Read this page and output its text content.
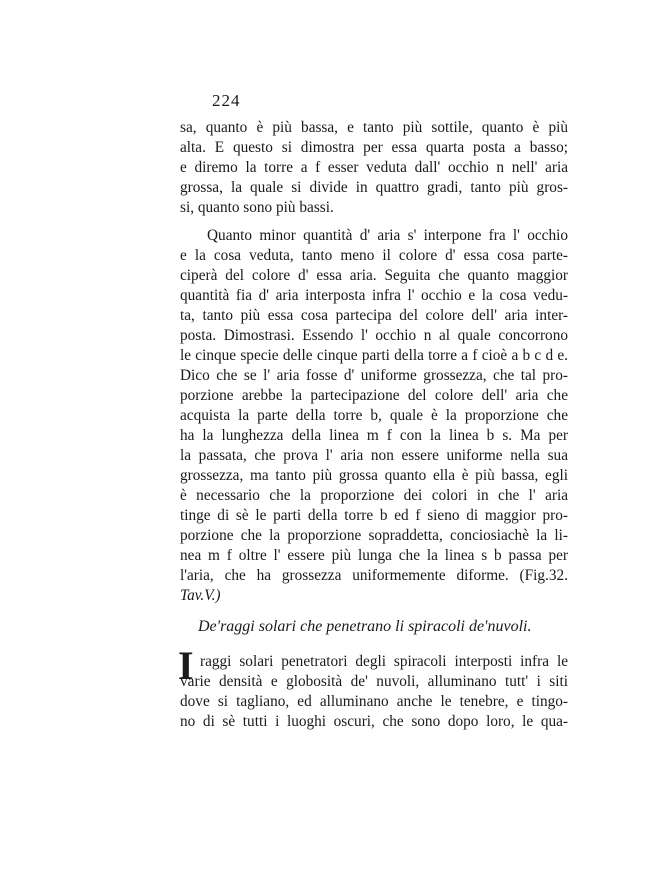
224
sa, quanto è più bassa, e tanto più sottile, quanto è più
alta. E questo si dimostra per essa quarta posta a basso;
e diremo la torre a f esser veduta dall' occhio n nell' aria
grossa, la quale si divide in quattro gradi, tanto più gros-
si, quanto sono più bassi.
Quanto minor quantità d' aria s' interpone fra l' occhio
e la cosa veduta, tanto meno il colore d' essa cosa parte-
ciperà del colore d' essa aria. Seguita che quanto maggior
quantità fia d' aria interposta infra l' occhio e la cosa vedu-
ta, tanto più essa cosa partecipa del colore dell' aria inter-
posta. Dimostrasi. Essendo l' occhio n al quale concorrono
le cinque specie delle cinque parti della torre a f cioè a b c d e.
Dico che se l' aria fosse d' uniforme grossezza, che tal pro-
porzione arebbe la partecipazione del colore dell' aria che
acquista la parte della torre b, quale è la proporzione che
ha la lunghezza della linea m f con la linea b s. Ma per
la passata, che prova l' aria non essere uniforme nella sua
grossezza, ma tanto più grossa quanto ella è più bassa, egli
è necessario che la proporzione dei colori in che l' aria
tinge di sè le parti della torre b ed f sieno di maggior pro-
porzione che la proporzione sopraddetta, conciosiachè la li-
nea m f oltre l' essere più lunga che la linea s b passa per
l'aria, che ha grossezza uniformemente diforme. (Fig.32.
Tav.V.)
De'raggi solari che penetrano li spiracoli de'nuvoli.
I raggi solari penetratori degli spiracoli interposti infra le
varie densità e globosità de' nuvoli, alluminano tutt' i siti
dove si tagliano, ed alluminano anche le tenebre, e tingo-
no di sè tutti i luoghi oscuri, che sono dopo loro, le qua-
